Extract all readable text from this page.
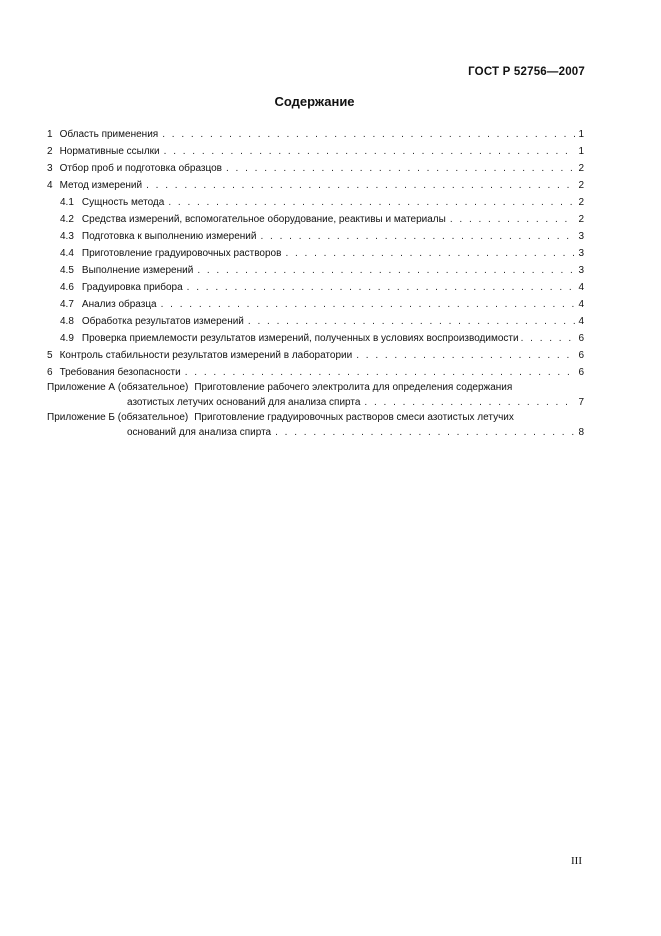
ГОСТ Р 52756—2007
Содержание
1 Область применения . . .	1
2 Нормативные ссылки . . .	1
3 Отбор проб и подготовка образцов . . .	2
4 Метод измерений . . .	2
4.1 Сущность метода . . .	2
4.2 Средства измерений, вспомогательное оборудование, реактивы и материалы . . .	2
4.3 Подготовка к выполнению измерений . . .	3
4.4 Приготовление градуировочных растворов . . .	3
4.5 Выполнение измерений . . .	3
4.6 Градуировка прибора . . .	4
4.7 Анализ образца . . .	4
4.8 Обработка результатов измерений . . .	4
4.9 Проверка приемлемости результатов измерений, полученных в условиях воспроизводимости . . .	6
5 Контроль стабильности результатов измерений в лаборатории . . .	6
6 Требования безопасности . . .	6
Приложение А (обязательное) Приготовление рабочего электролита для определения содержания
азотистых летучих оснований для анализа спирта . . .	7
Приложение Б (обязательное) Приготовление градуировочных растворов смеси азотистых летучих
оснований для анализа спирта . . .	8
III
